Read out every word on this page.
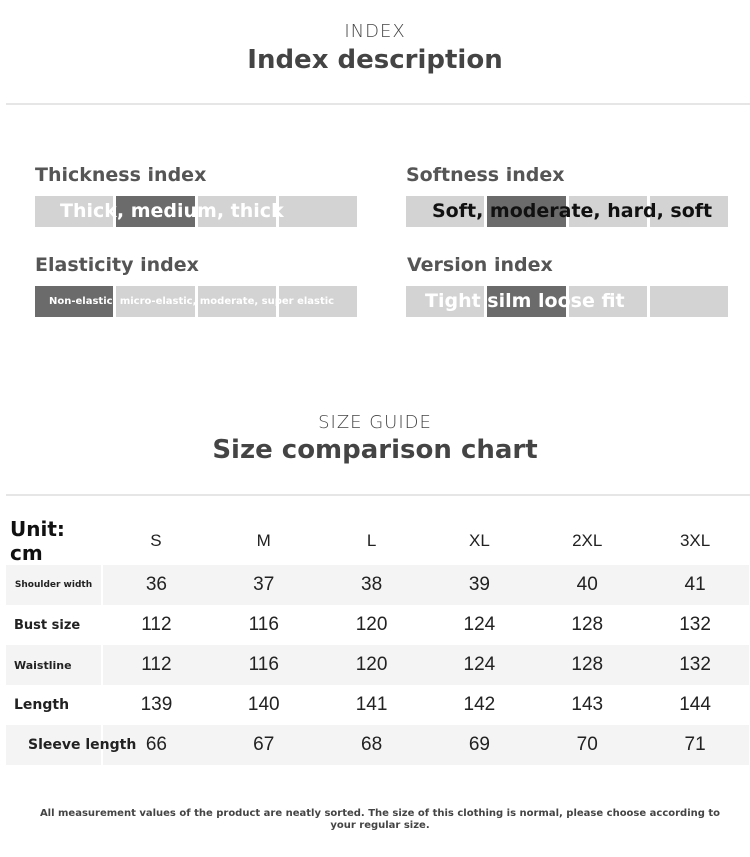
INDEX
Index description
Thickness index
Thick, medium, thick
Softness index
Soft, moderate, hard, soft
Elasticity index
Non-elastic, micro-elastic, moderate, super elastic
Version index
Tight silm loose fit
SIZE GUIDE
Size comparison chart
Unit: cm	S	M	L	XL	2XL	3XL
Shoulder width	36	37	38	39	40	41
Bust size	112	116	120	124	128	132
Waistline	112	116	120	124	128	132
Length	139	140	141	142	143	144
Sleeve length	66	67	68	69	70	71
All measurement values of the product are neatly sorted. The size of this clothing is normal, please choose according to your regular size.
